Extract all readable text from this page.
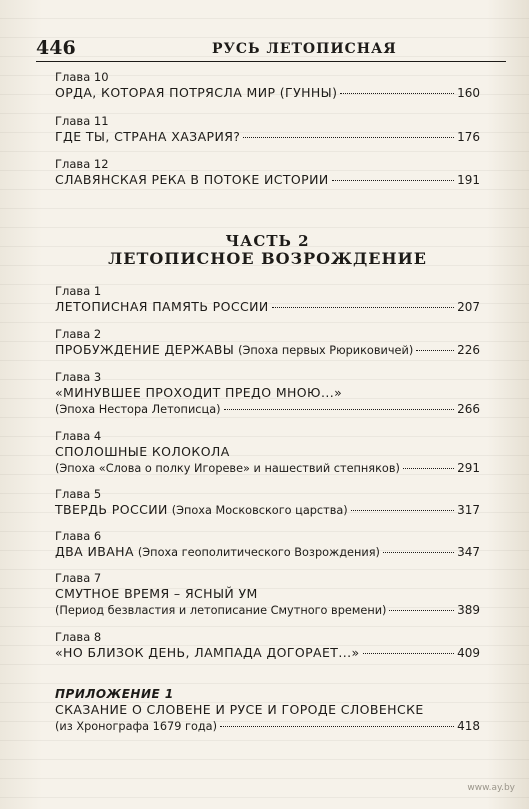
446	РУСЬ ЛЕТОПИСНАЯ
Глава 10
ОРДА, КОТОРАЯ ПОТРЯСЛА МИР (ГУННЫ)	160
Глава 11
ГДЕ ТЫ, СТРАНА ХАЗАРИЯ?	176
Глава 12
СЛАВЯНСКАЯ РЕКА В ПОТОКЕ ИСТОРИИ	191
ЧАСТЬ 2
ЛЕТОПИСНОЕ ВОЗРОЖДЕНИЕ
Глава 1
ЛЕТОПИСНАЯ ПАМЯТЬ РОССИИ	207
Глава 2
ПРОБУЖДЕНИЕ ДЕРЖАВЫ
(Эпоха первых Рюриковичей)	226
Глава 3
«МИНУВШЕЕ ПРОХОДИТ ПРЕДО МНОЮ...»
(Эпоха Нестора Летописца)	266
Глава 4
СПОЛОШНЫЕ КОЛОКОЛА
(Эпоха «Слова о полку Игореве» и нашествий степняков)	291
Глава 5
ТВЕРДЬ РОССИИ
(Эпоха Московского царства)	317
Глава 6
ДВА ИВАНА
(Эпоха геополитического Возрождения)	347
Глава 7
СМУТНОЕ ВРЕМЯ – ЯСНЫЙ УМ
(Период безвластия и летописание Смутного времени)	389
Глава 8
«НО БЛИЗОК ДЕНЬ, ЛАМПАДА ДОГОРАЕТ...»	409
ПРИЛОЖЕНИЕ 1
СКАЗАНИЕ О СЛОВЕНЕ И РУСЕ И ГОРОДЕ СЛОВЕНСКЕ
(из Хронографа 1679 года)	418
www.ay.by
